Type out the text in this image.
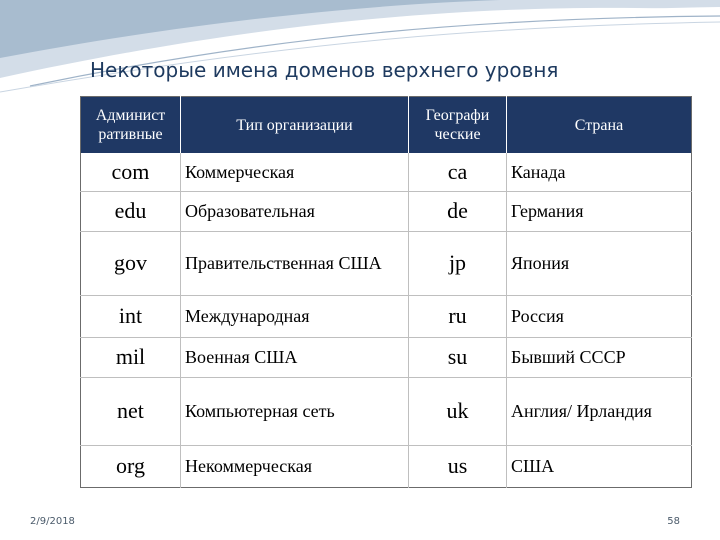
Некоторые имена доменов верхнего уровня
Админист ративные	Тип организации	Географи ческие	Страна
com	Коммерческая	ca	Канада
edu	Образовательная	de	Германия
gov	Правительственная США	jp	Япония
int	Международная	ru	Россия
mil	Военная США	su	Бывший СССР
net	Компьютерная сеть	uk	Англия/ Ирландия
org	Некоммерческая	us	США
2/9/2018	58
